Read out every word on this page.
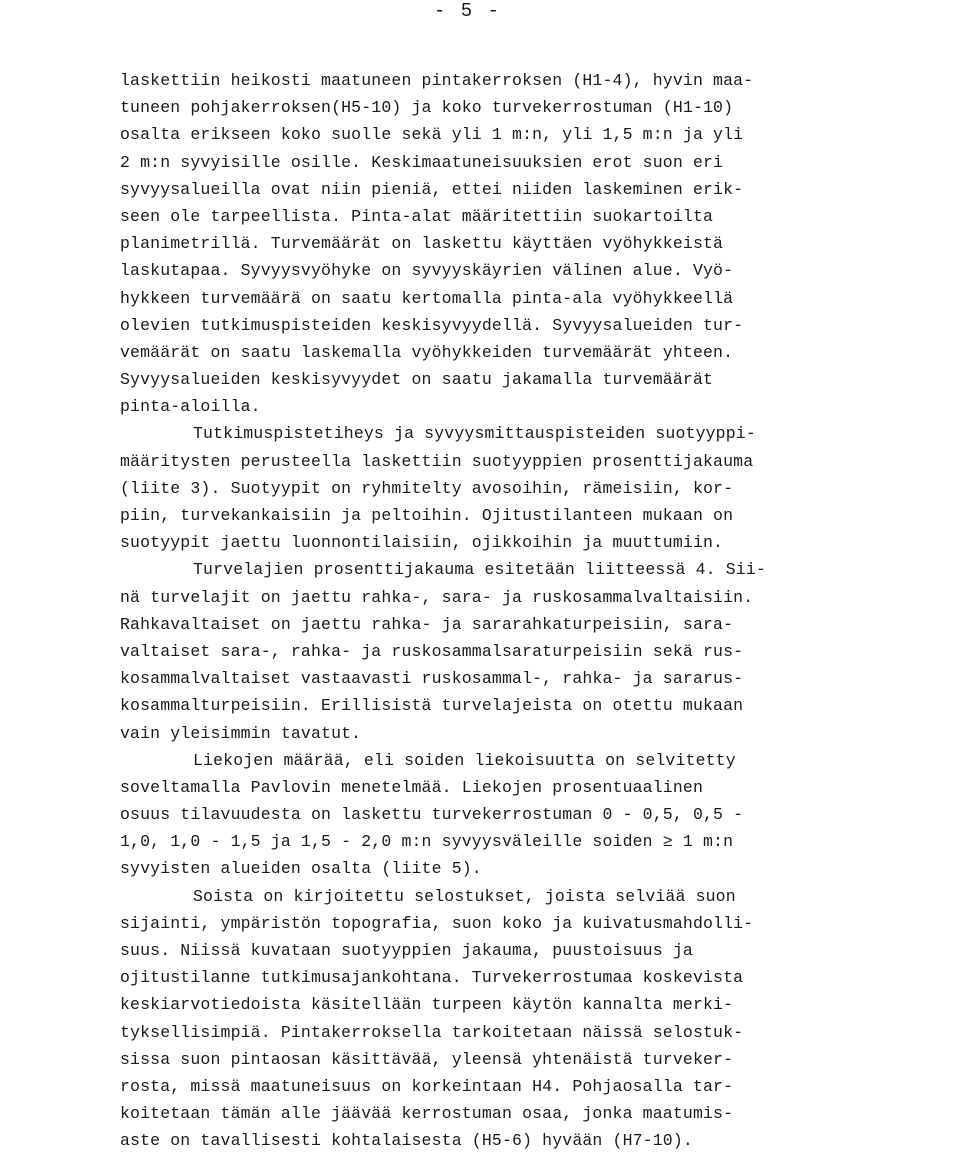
- 5 -
laskettiin heikosti maatuneen pintakerroksen (H1-4), hyvin maa-
tuneen pohjakerroksen(H5-10) ja koko turvekerrostuman (H1-10)
osalta erikseen koko suolle sekä yli 1 m:n, yli 1,5 m:n ja yli
2 m:n syvyisille osille. Keskimaatuneisuuksien erot suon eri
syvyysalueilla ovat niin pieniä, ettei niiden laskeminen erik-
seen ole tarpeellista. Pinta-alat määritettiin suokartoilta
planimetrillä. Turvemäärät on laskettu käyttäen vyöhykkeistä
laskutapaa. Syvyysvyöhyke on syvyyskäyrien välinen alue. Vyö-
hykkeen turvemäärä on saatu kertomalla pinta-ala vyöhykkeellä
olevien tutkimuspisteiden keskisyvyydellä. Syvyysalueiden tur-
vemäärät on saatu laskemalla vyöhykkeiden turvemäärät yhteen.
Syvyysalueiden keskisyvyydet on saatu jakamalla turvemäärät
pinta-aloilla.
Tutkimuspistetiheys ja syvyysmittauspisteiden suotyyppi-
määritysten perusteella laskettiin suotyyppien prosenttijakauma
(liite 3). Suotyypit on ryhmitelty avosoihin, rämeisiin, kor-
piin, turvekankaisiin ja peltoihin. Ojitustilanteen mukaan on
suotyypit jaettu luonnontilaisiin, ojikkoihin ja muuttumiin.
Turvelajien prosenttijakauma esitetään liitteessä 4. Sii-
nä turvelajit on jaettu rahka-, sara- ja ruskosammalvaltaisiin.
Rahkavaltaiset on jaettu rahka- ja sararahkaturpeisiin, sara-
valtaiset sara-, rahka- ja ruskosammalsaraturpeisiin sekä rus-
kosammalvaltaiset vastaavasti ruskosammal-, rahka- ja sararus-
kosammalturpeisiin. Erillisistä turvelajeista on otettu mukaan
vain yleisimmin tavatut.
Liekojen määrää, eli soiden liekoisuutta on selvitetty
soveltamalla Pavlovin menetelmää. Liekojen prosentuaalinen
osuus tilavuudesta on laskettu turvekerrostuman 0 - 0,5, 0,5 -
1,0, 1,0 - 1,5 ja 1,5 - 2,0 m:n syvyysväleille soiden ≥ 1 m:n
syvyisten alueiden osalta (liite 5).
Soista on kirjoitettu selostukset, joista selviää suon
sijainti, ympäristön topografia, suon koko ja kuivatusmahdolli-
suus. Niissä kuvataan suotyyppien jakauma, puustoisuus ja
ojitustilanne tutkimusajankohtana. Turvekerrostumaa koskevista
keskiarvotiedoista käsitellään turpeen käytön kannalta merki-
tyksellisimpiä. Pintakerroksella tarkoitetaan näissä selostuk-
sissa suon pintaosan käsittävää, yleensä yhtenäistä turveker-
rosta, missä maatuneisuus on korkeintaan H4. Pohjaosalla tar-
koitetaan tämän alle jäävää kerrostuman osaa, jonka maatumis-
aste on tavallisesti kohtalaisesta (H5-6) hyvään (H7-10).
